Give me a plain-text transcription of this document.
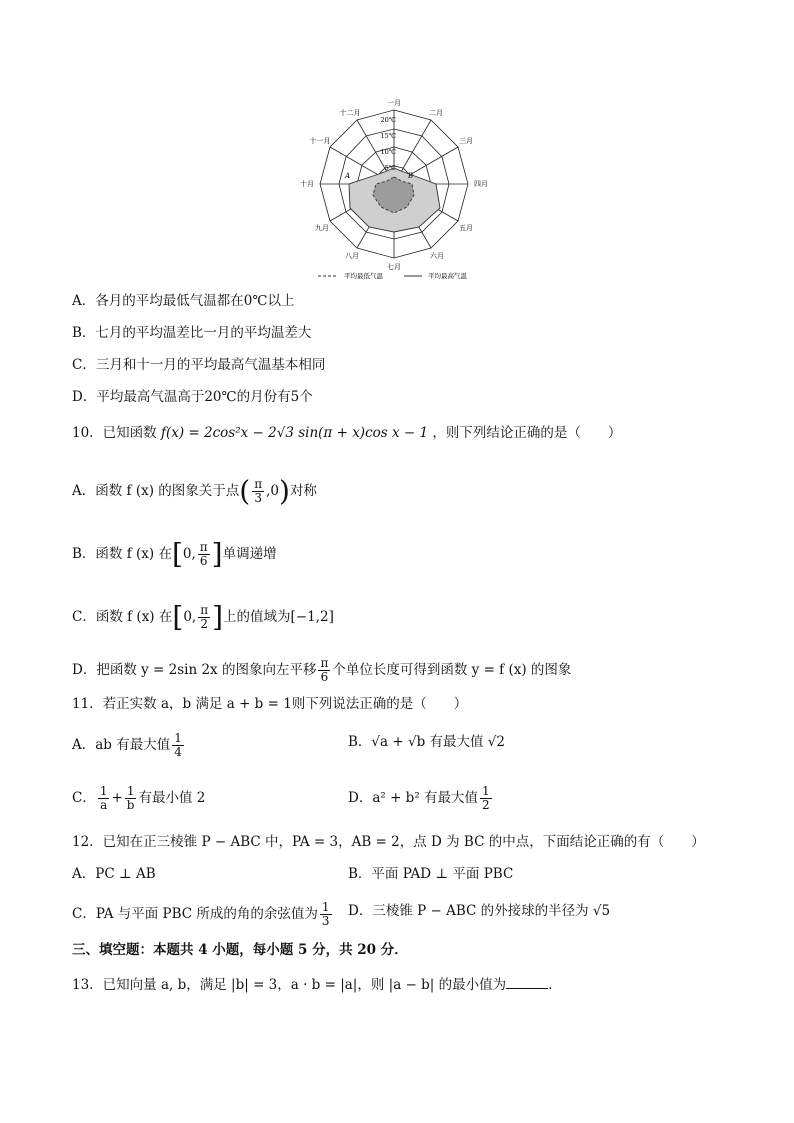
一月
二月
三月
四月
五月
六月
七月
八月
九月
十月
十一月
十二月
20℃
15℃
10℃
5℃
A	B
平均最低气温	平均最高气温
A．各月的平均最低气温都在0℃以上
B．七月的平均温差比一月的平均温差大
C．三月和十一月的平均最高气温基本相同
D．平均最高气温高于20℃的月份有5个
10．已知函数 f(x) = 2cos²x − 2√3 sin(π + x)cos x − 1 ，则下列结论正确的是（　　）
A．函数 f (x) 的图象关于点( $\frac{\pi}{3} ,0$)对称
B．函数 f (x) 在[0, $\frac{\pi}{6}$ ]单调递增
C．函数 f (x) 在[0, $\frac{\pi}{2}$ ]上的值域为[−1,2]
D．把函数 y = 2sin 2x 的图象向左平移 $\frac{\pi}{6}$ 个单位长度可得到函数 y = f (x) 的图象
11．若正实数 a，b 满足 a + b = 1则下列说法正确的是（　　）
A．ab 有最大值 $\frac{1}{4}$	B．√a + √b 有最大值 √2
C． $\frac{1}{a} + \frac{1}{b}$ 有最小值 2	D．a² + b² 有最大值 $\frac{1}{2}$
12．已知在正三棱锥 P − ABC 中，PA = 3，AB = 2，点 D 为 BC 的中点，下面结论正确的有（　　）
A．PC ⊥ AB	B．平面 PAD ⊥ 平面 PBC
C．PA 与平面 PBC 所成的角的余弦值为 $\frac{1}{3}$ D．三棱锥 P − ABC 的外接球的半径为 √5
三、填空题：本题共 4 小题，每小题 5 分，共 20 分．
13．已知向量 a, b，满足 |b| = 3，a · b = |a|，则 |a − b| 的最小值为	.
